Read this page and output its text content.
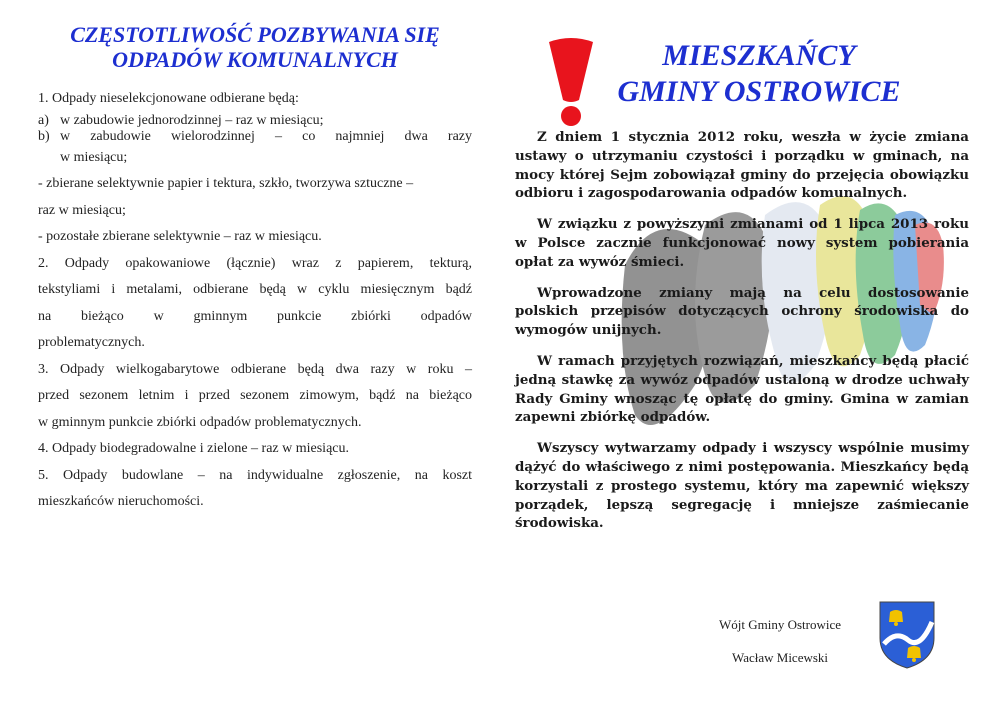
CZĘSTOTLIWOŚĆ POZBYWANIA SIĘ
ODPADÓW KOMUNALNYCH

1. Odpady nieselekcjonowane odbierane będą:

a) w zabudowie jednorodzinnej – raz w miesiącu;
b) w zabudowie wielorodzinnej – co najmniej dwa razy

w miesiącu;

- zbierane selektywnie papier i tektura, szkło, tworzywa sztuczne –

raz w miesiącu;

- pozostałe zbierane selektywnie – raz w miesiącu.

2. Odpady opakowaniowe (łącznie) wraz z papierem, tekturą,

tekstyliami i metalami, odbierane będą w cyklu miesięcznym bądź

na bieżąco w gminnym punkcie zbiórki odpadów

problematycznych.

3. Odpady wielkogabarytowe odbierane będą dwa razy w roku –

przed sezonem letnim i przed sezonem zimowym, bądź na bieżąco

w gminnym punkcie zbiórki odpadów problematycznych.

4. Odpady biodegradowalne i zielone – raz w miesiącu.

5. Odpady budowlane – na indywidualne zgłoszenie, na koszt

mieszkańców nieruchomości.

MIESZKAŃCY
GMINY OSTROWICE

Z dniem 1 stycznia 2012 roku, weszła w życie zmiana ustawy o utrzymaniu czystości i porządku w gminach, na mocy której Sejm zobowiązał gminy do przejęcia obowiązku odbioru i zagospodarowania odpadów komunalnych.

W związku z powyższymi zmianami od 1 lipca 2013 roku w Polsce zacznie funkcjonować nowy system pobierania opłat za wywóz śmieci.

Wprowadzone zmiany mają na celu dostosowanie polskich przepisów dotyczących ochrony środowiska do wymogów unijnych.

W ramach przyjętych rozwiązań, mieszkańcy będą płacić jedną stawkę za wywóz odpadów ustaloną w drodze uchwały Rady Gminy wnosząc tę opłatę do gminy. Gmina w zamian zapewni zbiórkę odpadów.

Wszyscy wytwarzamy odpady i wszyscy wspólnie musimy dążyć do właściwego z nimi postępowania. Mieszkańcy będą korzystali z prostego systemu, który ma zapewnić większy porządek, lepszą segregację i mniejsze zaśmiecanie środowiska.

Wójt Gminy Ostrowice
Wacław Micewski
